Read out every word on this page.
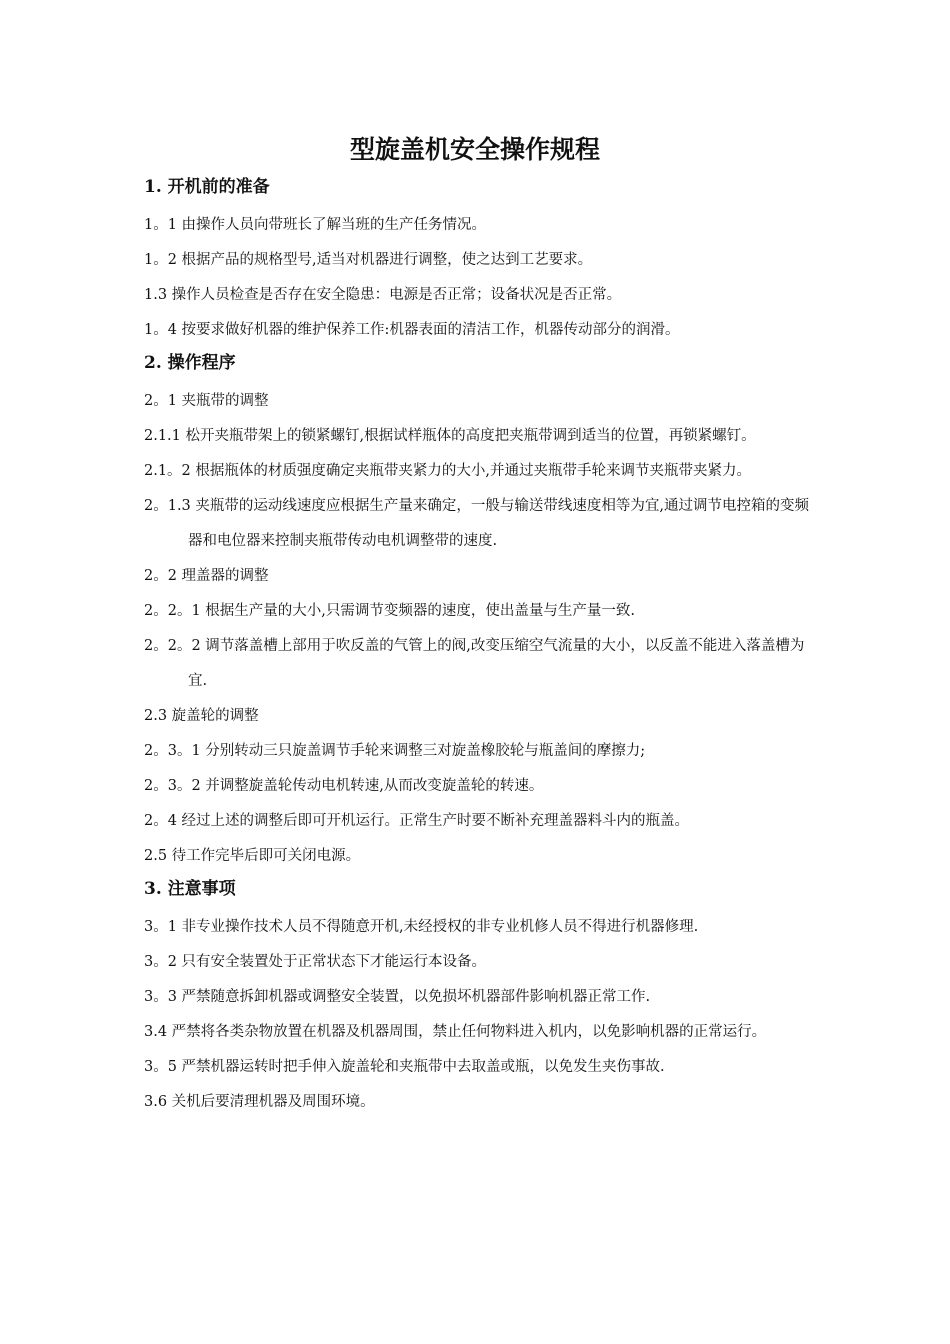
型旋盖机安全操作规程
1. 开机前的准备
1。1 由操作人员向带班长了解当班的生产任务情况。
1。2 根据产品的规格型号,适当对机器进行调整，使之达到工艺要求。
1.3 操作人员检查是否存在安全隐患：电源是否正常；设备状况是否正常。
1。4 按要求做好机器的维护保养工作:机器表面的清洁工作，机器传动部分的润滑。
2. 操作程序
2。1 夹瓶带的调整
2.1.1 松开夹瓶带架上的锁紧螺钉,根据试样瓶体的高度把夹瓶带调到适当的位置，再锁紧螺钉。
2.1。2 根据瓶体的材质强度确定夹瓶带夹紧力的大小,并通过夹瓶带手轮来调节夹瓶带夹紧力。
2。1.3 夹瓶带的运动线速度应根据生产量来确定，一般与输送带线速度相等为宜,通过调节电控箱的变频器和电位器来控制夹瓶带传动电机调整带的速度.
2。2 理盖器的调整
2。2。1 根据生产量的大小,只需调节变频器的速度，使出盖量与生产量一致.
2。2。2 调节落盖槽上部用于吹反盖的气管上的阀,改变压缩空气流量的大小，以反盖不能进入落盖槽为宜.
2.3 旋盖轮的调整
2。3。1 分别转动三只旋盖调节手轮来调整三对旋盖橡胶轮与瓶盖间的摩擦力;
2。3。2 并调整旋盖轮传动电机转速,从而改变旋盖轮的转速。
2。4 经过上述的调整后即可开机运行。正常生产时要不断补充理盖器料斗内的瓶盖。
2.5 待工作完毕后即可关闭电源。
3. 注意事项
3。1 非专业操作技术人员不得随意开机,未经授权的非专业机修人员不得进行机器修理.
3。2 只有安全装置处于正常状态下才能运行本设备。
3。3 严禁随意拆卸机器或调整安全装置，以免损坏机器部件影响机器正常工作.
3.4 严禁将各类杂物放置在机器及机器周围，禁止任何物料进入机内，以免影响机器的正常运行。
3。5 严禁机器运转时把手伸入旋盖轮和夹瓶带中去取盖或瓶，以免发生夹伤事故.
3.6 关机后要清理机器及周围环境。
